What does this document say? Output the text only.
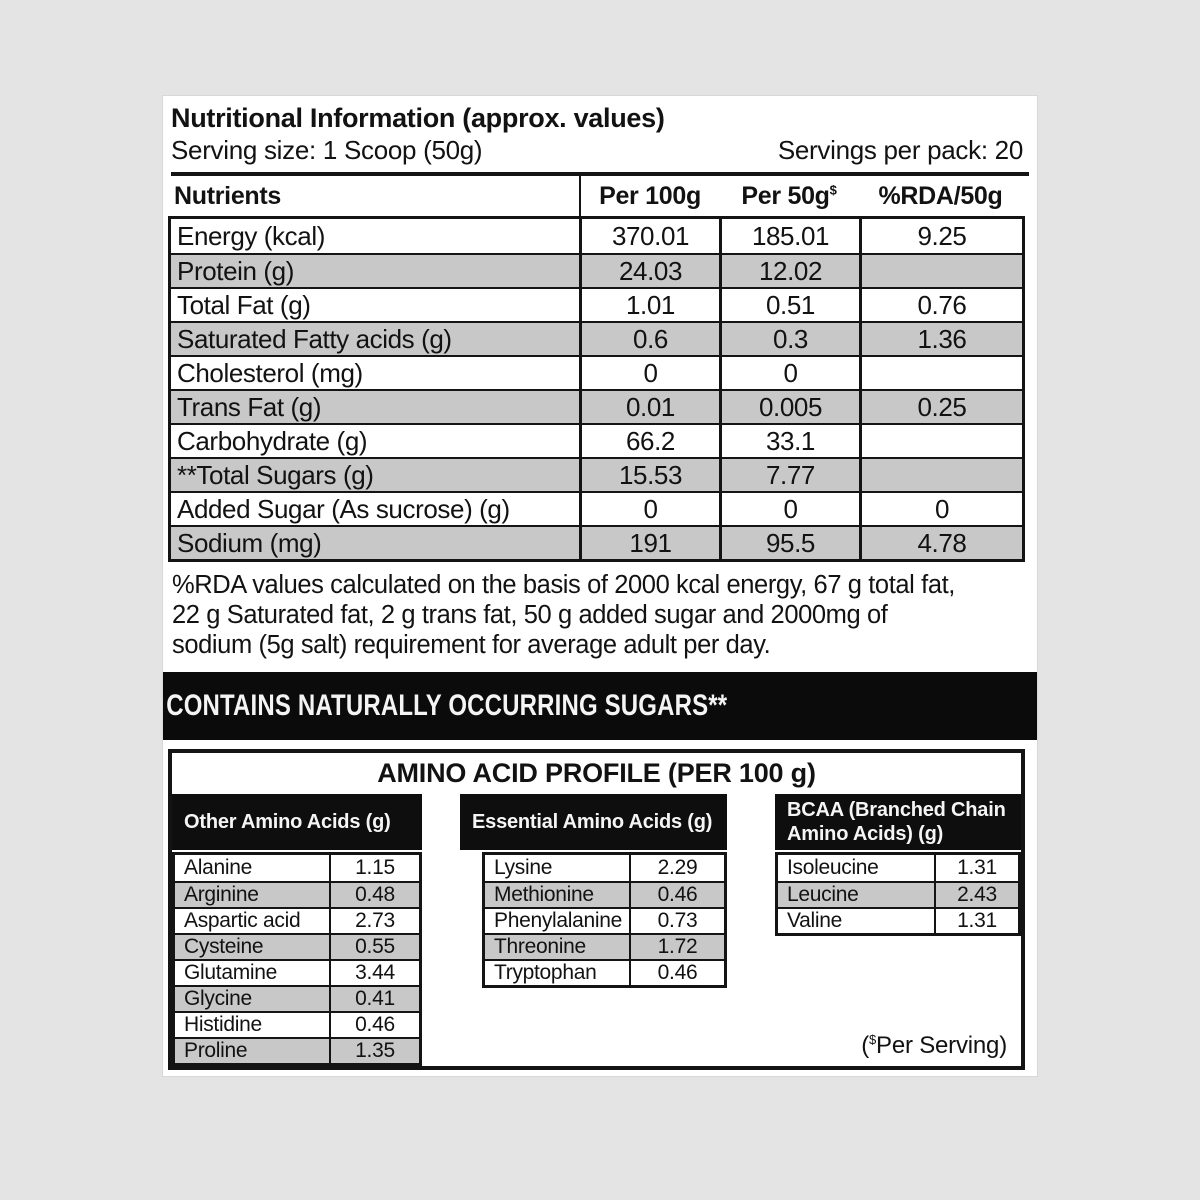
Nutritional Information (approx. values)
Serving size: 1 Scoop (50g)	Servings per pack: 20
Nutrients	Per 100g	Per 50g$	%RDA/50g
Energy (kcal)	370.01	185.01	9.25
Protein (g)	24.03	12.02
Total Fat (g)	1.01	0.51	0.76
Saturated Fatty acids (g)	0.6	0.3	1.36
Cholesterol (mg)	0	0
Trans Fat (g)	0.01	0.005	0.25
Carbohydrate (g)	66.2	33.1
**Total Sugars (g)	15.53	7.77
Added Sugar (As sucrose) (g)	0	0	0
Sodium (mg)	191	95.5	4.78
%RDA values calculated on the basis of 2000 kcal energy, 67 g total fat,
22 g Saturated fat, 2 g trans fat, 50 g added sugar and 2000mg of
sodium (5g salt) requirement for average adult per day.
CONTAINS NATURALLY OCCURRING SUGARS**
AMINO ACID PROFILE (PER 100 g)
Other Amino Acids (g)
Alanine	1.15
Arginine	0.48
Aspartic acid	2.73
Cysteine	0.55
Glutamine	3.44
Glycine	0.41
Histidine	0.46
Proline	1.35
Essential Amino Acids (g)
Lysine	2.29
Methionine	0.46
Phenylalanine	0.73
Threonine	1.72
Tryptophan	0.46
BCAA (Branched Chain Amino Acids) (g)
Isoleucine	1.31
Leucine	2.43
Valine	1.31
($Per Serving)
